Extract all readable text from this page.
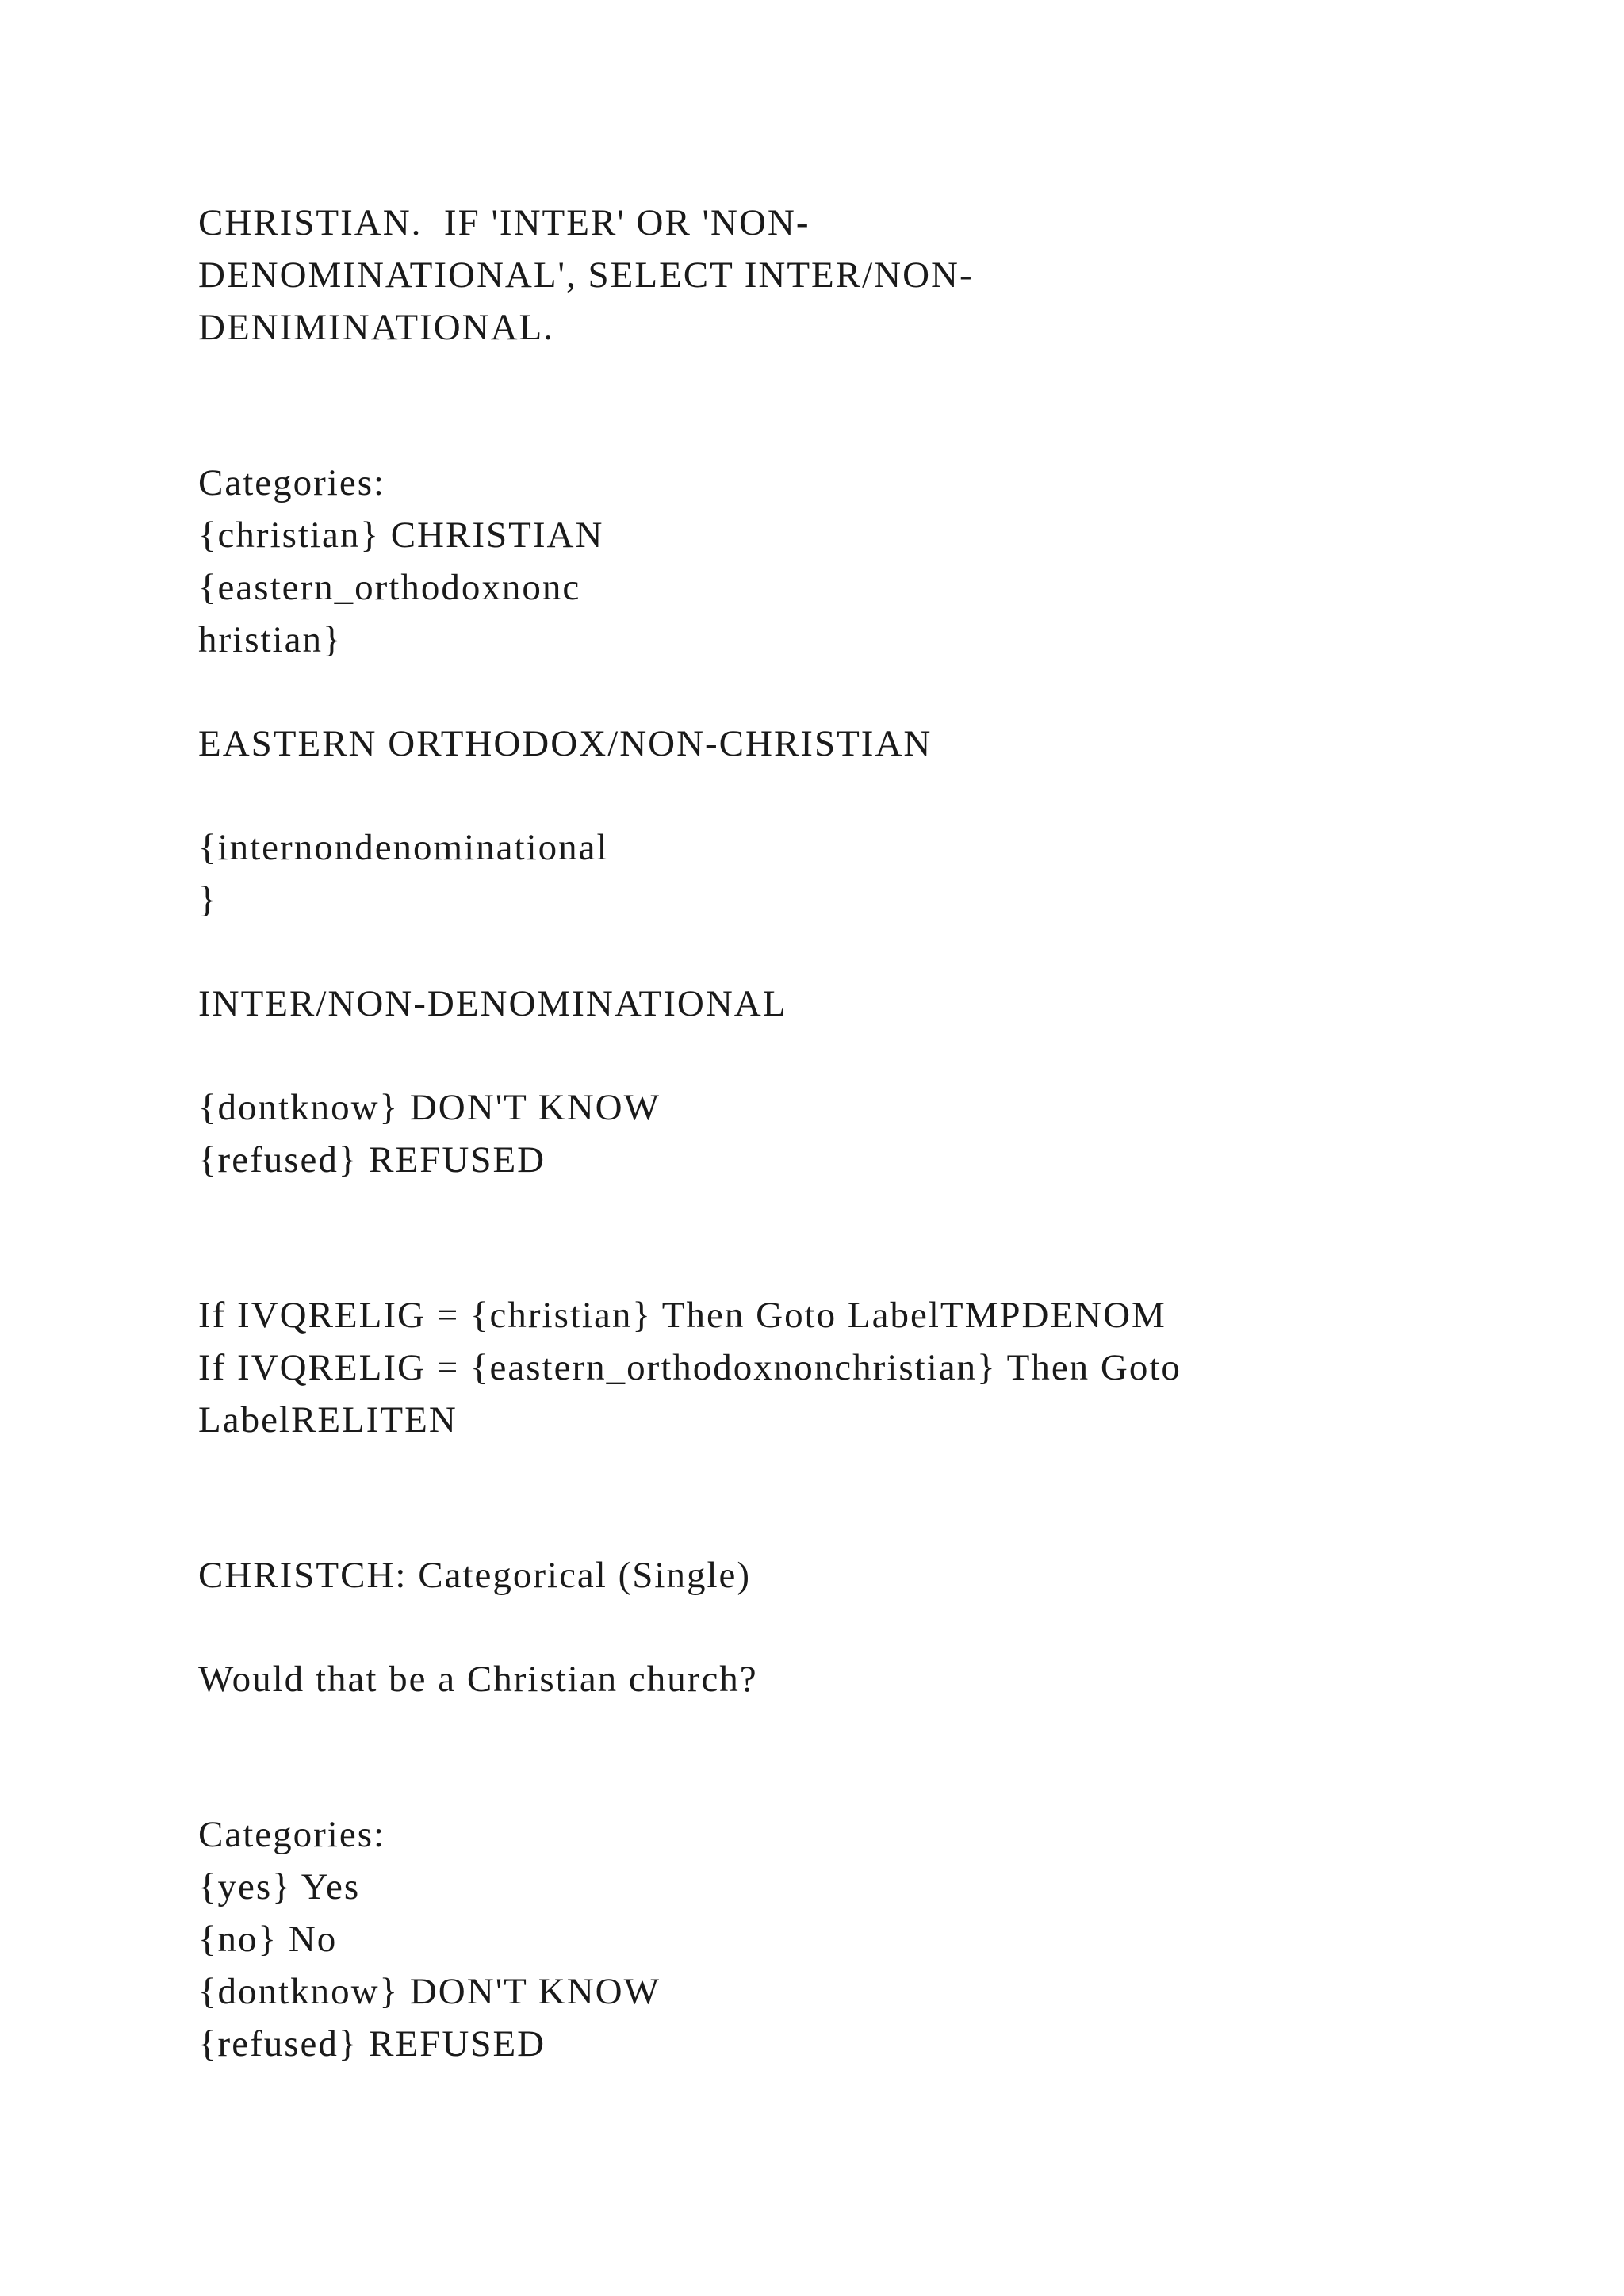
CHRISTIAN.  IF 'INTER' OR 'NON-

DENOMINATIONAL', SELECT INTER/NON-

DENIMINATIONAL.

Categories:

{christian} CHRISTIAN

{eastern_orthodoxnonc

hristian}

EASTERN ORTHODOX/NON-CHRISTIAN

{internondenominational

}

INTER/NON-DENOMINATIONAL

{dontknow} DON'T KNOW

{refused} REFUSED

If IVQRELIG = {christian} Then Goto LabelTMPDENOM

If IVQRELIG = {eastern_orthodoxnonchristian} Then Goto

LabelRELITEN

CHRISTCH: Categorical (Single)

Would that be a Christian church?

Categories:

{yes} Yes

{no} No

{dontknow} DON'T KNOW

{refused} REFUSED
